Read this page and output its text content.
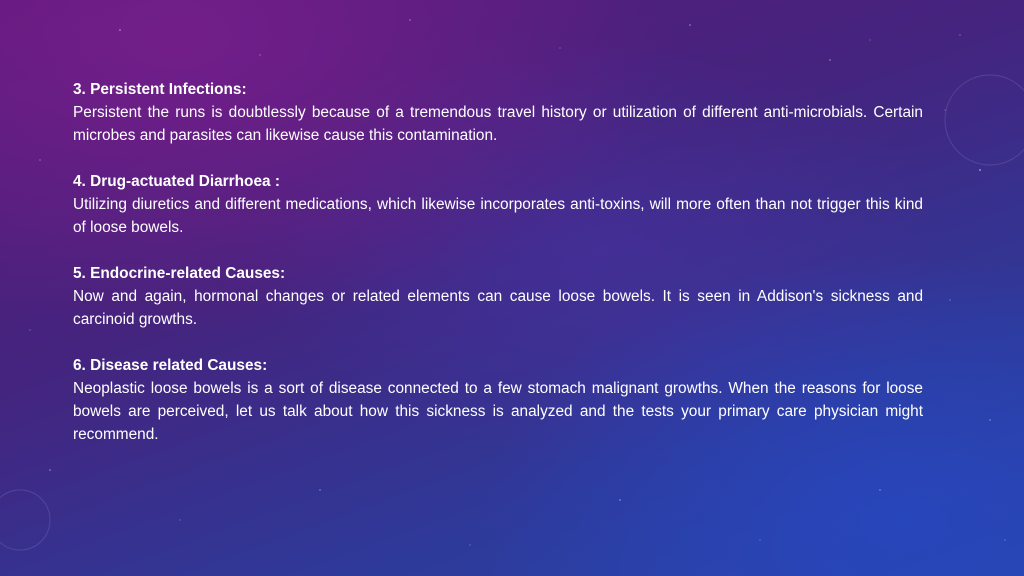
3. Persistent Infections:
Persistent the runs is doubtlessly because of a tremendous travel history or utilization of different anti-microbials. Certain microbes and parasites can likewise cause this contamination.
4. Drug-actuated Diarrhoea :
Utilizing diuretics and different medications, which likewise incorporates anti-toxins, will more often than not trigger this kind of loose bowels.
5. Endocrine-related Causes:
Now and again, hormonal changes or related elements can cause loose bowels. It is seen in Addison's sickness and carcinoid growths.
6. Disease related Causes:
Neoplastic loose bowels is a sort of disease connected to a few stomach malignant growths. When the reasons for loose bowels are perceived, let us talk about how this sickness is analyzed and the tests your primary care physician might recommend.
